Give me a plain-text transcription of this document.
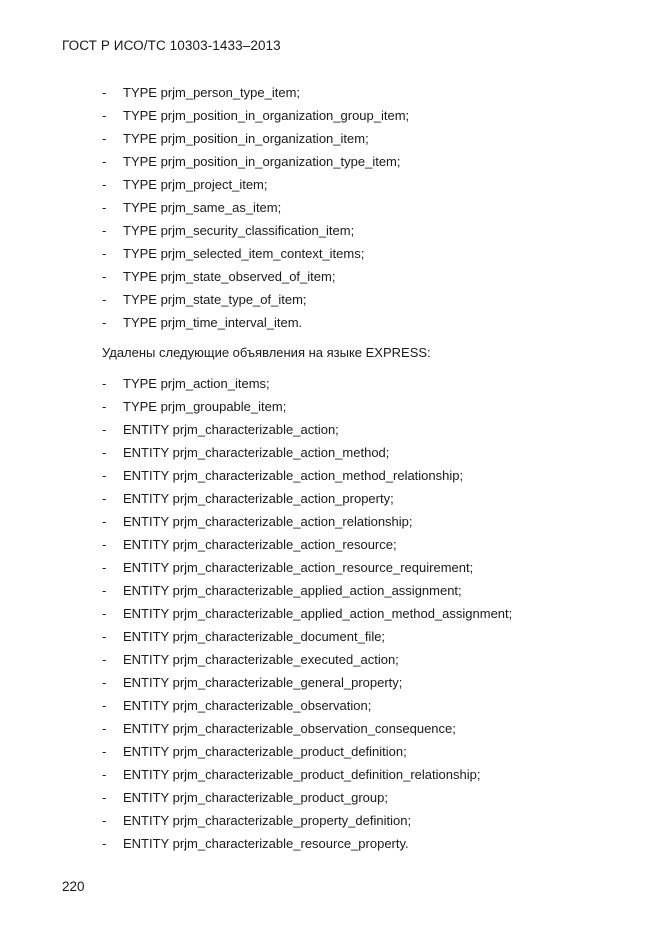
ГОСТ Р ИСО/ТС 10303-1433–2013
- TYPE prjm_person_type_item;
- TYPE prjm_position_in_organization_group_item;
- TYPE prjm_position_in_organization_item;
- TYPE prjm_position_in_organization_type_item;
- TYPE prjm_project_item;
- TYPE prjm_same_as_item;
- TYPE prjm_security_classification_item;
- TYPE prjm_selected_item_context_items;
- TYPE prjm_state_observed_of_item;
- TYPE prjm_state_type_of_item;
- TYPE prjm_time_interval_item.
Удалены следующие объявления на языке EXPRESS:
- TYPE prjm_action_items;
- TYPE prjm_groupable_item;
- ENTITY prjm_characterizable_action;
- ENTITY prjm_characterizable_action_method;
- ENTITY prjm_characterizable_action_method_relationship;
- ENTITY prjm_characterizable_action_property;
- ENTITY prjm_characterizable_action_relationship;
- ENTITY prjm_characterizable_action_resource;
- ENTITY prjm_characterizable_action_resource_requirement;
- ENTITY prjm_characterizable_applied_action_assignment;
- ENTITY prjm_characterizable_applied_action_method_assignment;
- ENTITY prjm_characterizable_document_file;
- ENTITY prjm_characterizable_executed_action;
- ENTITY prjm_characterizable_general_property;
- ENTITY prjm_characterizable_observation;
- ENTITY prjm_characterizable_observation_consequence;
- ENTITY prjm_characterizable_product_definition;
- ENTITY prjm_characterizable_product_definition_relationship;
- ENTITY prjm_characterizable_product_group;
- ENTITY prjm_characterizable_property_definition;
- ENTITY prjm_characterizable_resource_property.
220
